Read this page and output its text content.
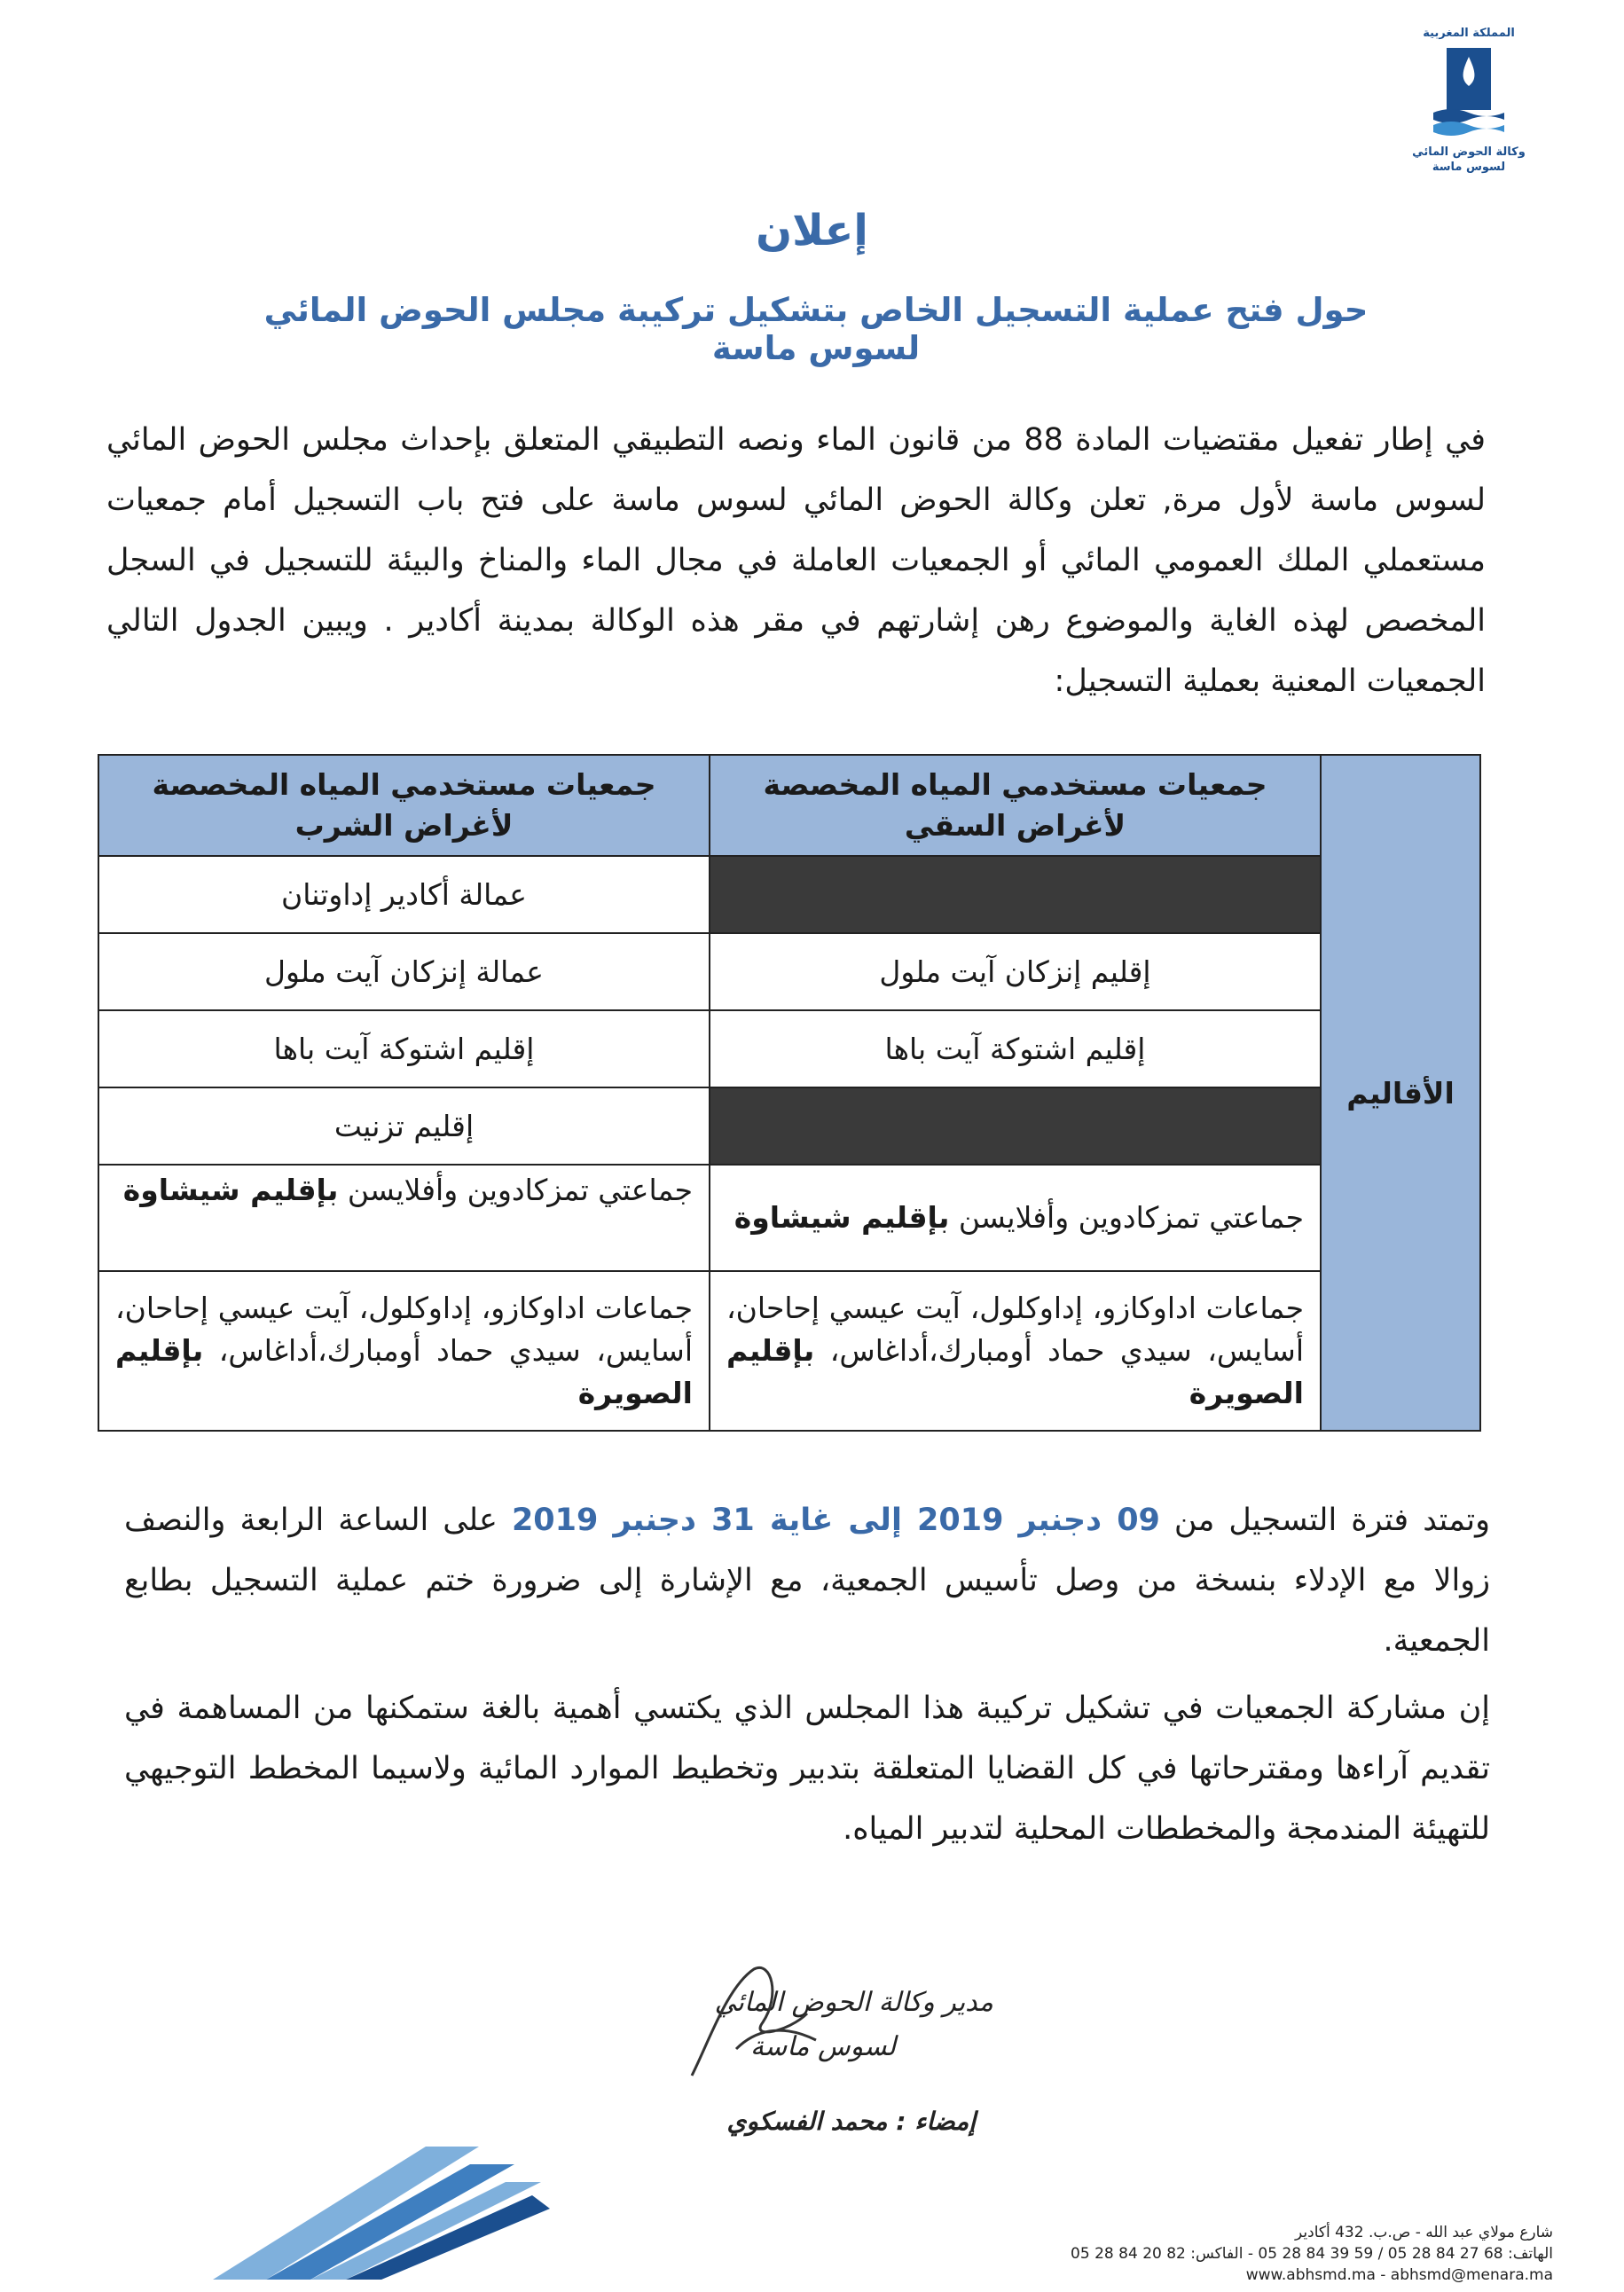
المملكة المغربية
وكالة الحوض المائي
لسوس ماسة
إعلان
حول فتح عملية التسجيل الخاص بتشكيل تركيبة مجلس الحوض المائي لسوس ماسة
في إطار تفعيل مقتضيات المادة 88 من قانون الماء ونصه التطبيقي المتعلق بإحداث مجلس الحوض المائي لسوس ماسة لأول مرة, تعلن وكالة الحوض المائي لسوس ماسة على فتح باب التسجيل أمام جمعيات مستعملي الملك العمومي المائي أو الجمعيات العاملة في مجال الماء والمناخ والبيئة للتسجيل في السجل المخصص لهذه الغاية والموضوع رهن إشارتهم في مقر هذه الوكالة بمدينة أكادير . ويبين الجدول التالي الجمعيات المعنية بعملية التسجيل:
الأقاليم	جمعيات مستخدمي المياه المخصصة لأغراض السقي	جمعيات مستخدمي المياه المخصصة لأغراض الشرب
		عمالة أكادير إداوتنان
	إقليم إنزكان آيت ملول	عمالة إنزكان آيت ملول
	إقليم اشتوكة آيت باها	إقليم اشتوكة آيت باها
		إقليم تزنيت
	جماعتي تمزكادوين وأفلايسن بإقليم شيشاوة	جماعتي تمزكادوين وأفلايسن بإقليم شيشاوة
	جماعات اداوكازو، إداوكلول، آيت عيسي إحاحان، أسايس، سيدي حماد أومبارك،أداغاس، بإقليم الصويرة	جماعات اداوكازو، إداوكلول، آيت عيسي إحاحان، أسايس، سيدي حماد أومبارك،أداغاس، بإقليم الصويرة
وتمتد فترة التسجيل من 09 دجنبر 2019 إلى غاية 31 دجنبر 2019 على الساعة الرابعة والنصف زوالا مع الإدلاء بنسخة من وصل تأسيس الجمعية، مع الإشارة إلى ضرورة ختم عملية التسجيل بطابع الجمعية.
إن مشاركة الجمعيات في تشكيل تركيبة هذا المجلس الذي يكتسي أهمية بالغة ستمكنها من المساهمة في تقديم آراءها ومقترحاتها في كل القضايا المتعلقة بتدبير وتخطيط الموارد المائية ولاسيما المخطط التوجيهي للتهيئة المندمجة والمخططات المحلية لتدبير المياه.
مدير وكالة الحوض المائي
لسوس ماسة
إمضاء : محمد الفسكوي
شارع مولاي عبد الله - ص.ب. 432 أكادير
الهاتف: 68 27 84 28 05 / 59 39 84 28 05 - الفاكس: 82 20 84 28 05
www.abhsmd.ma - abhsmd@menara.ma
